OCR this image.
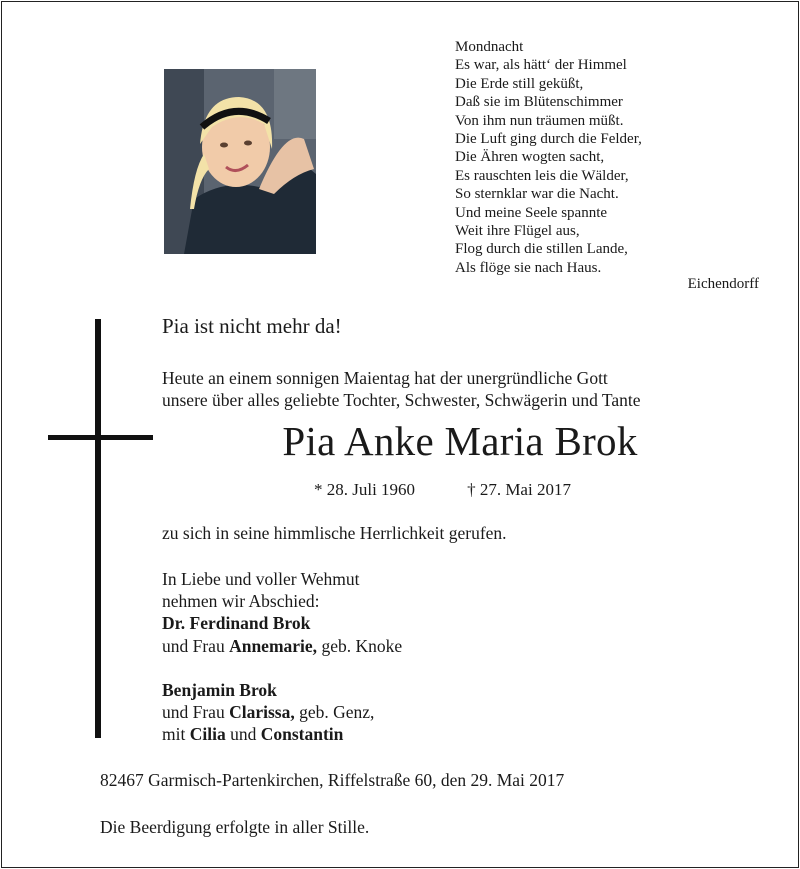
Mondnacht
Es war, als hätt‘ der Himmel
Die Erde still geküßt,
Daß sie im Blütenschimmer
Von ihm nun träumen müßt.
Die Luft ging durch die Felder,
Die Ähren wogten sacht,
Es rauschten leis die Wälder,
So sternklar war die Nacht.
Und meine Seele spannte
Weit ihre Flügel aus,
Flog durch die stillen Lande,
Als flöge sie nach Haus.
Eichendorff
Pia ist nicht mehr da!
Heute an einem sonnigen Maientag hat der unergründliche Gott
unsere über alles geliebte Tochter, Schwester, Schwägerin und Tante
Pia Anke Maria Brok
* 28. Juli 1960	† 27. Mai 2017
zu sich in seine himmlische Herrlichkeit gerufen.
In Liebe und voller Wehmut
nehmen wir Abschied:
Dr. Ferdinand Brok
und Frau Annemarie, geb. Knoke
Benjamin Brok
und Frau Clarissa, geb. Genz,
mit Cilia und Constantin
82467 Garmisch-Partenkirchen, Riffelstraße 60, den 29. Mai 2017
Die Beerdigung erfolgte in aller Stille.
